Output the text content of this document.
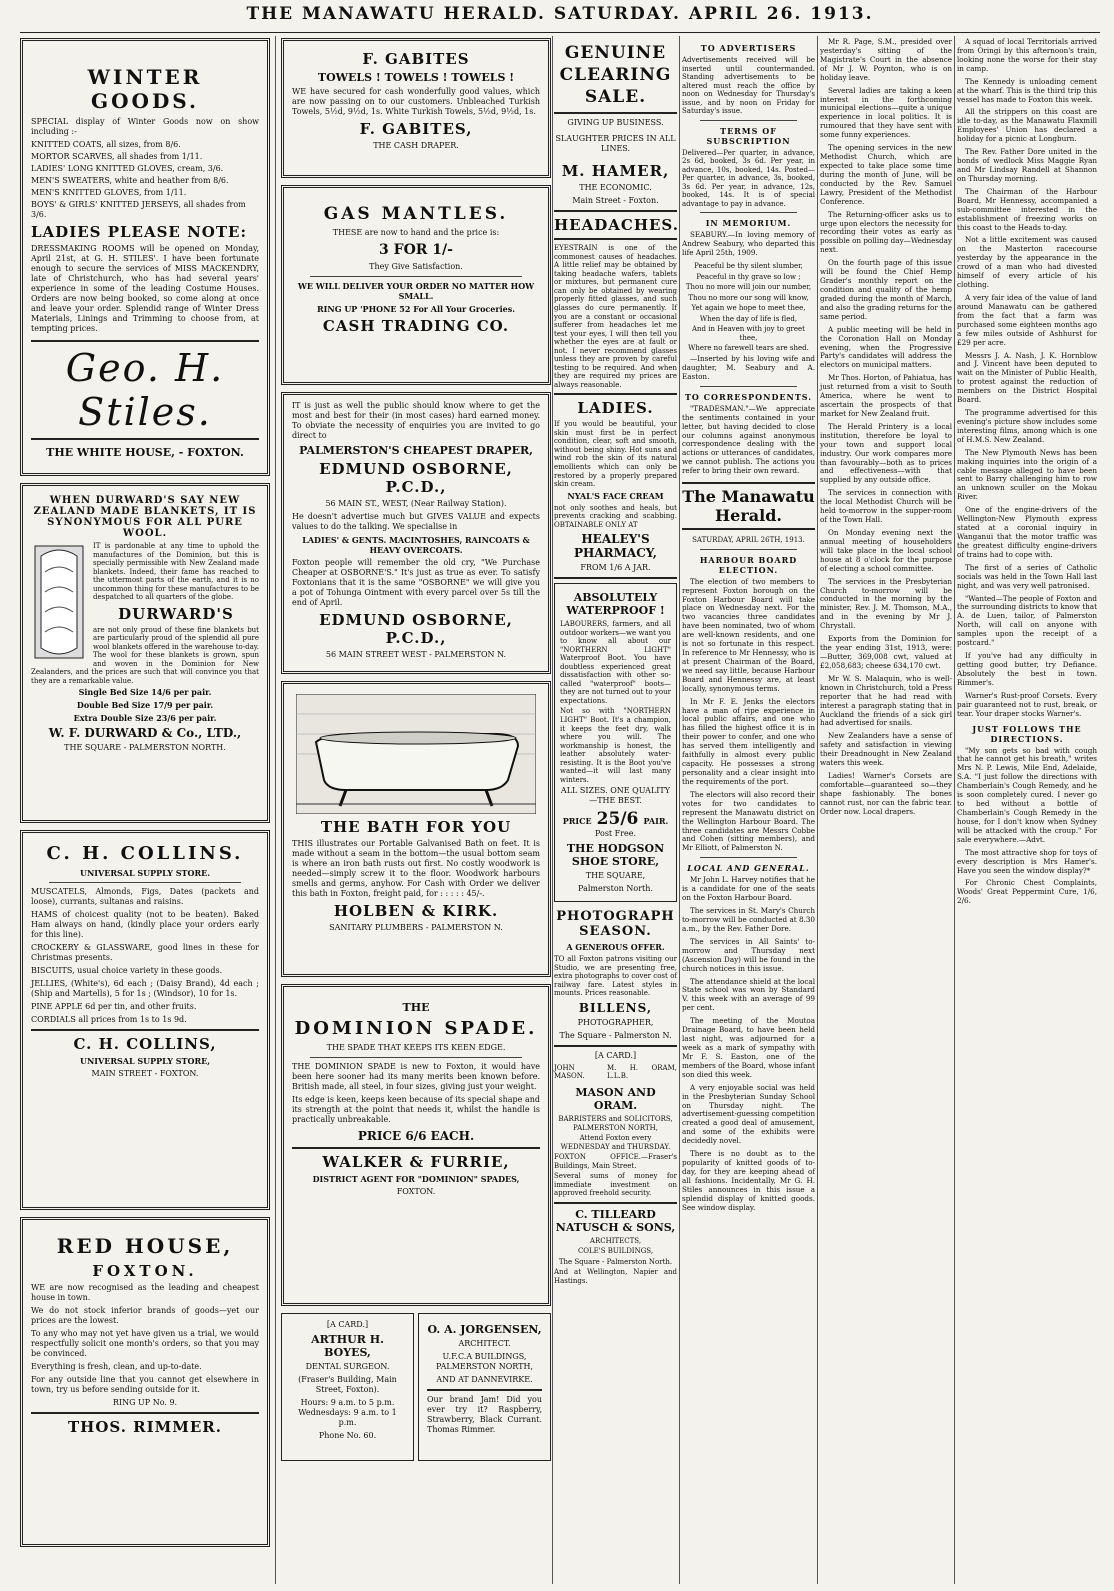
THE MANAWATU HERALD. SATURDAY. APRIL 26. 1913.
WINTER GOODS.

SPECIAL display of Winter Goods now on show including :-

KNITTED COATS, all sizes, from 8/6.
MORTOR SCARVES, all shades from 1/11.
LADIES' LONG KNITTED GLOVES, cream, 3/6.
MEN'S SWEATERS, white and heather from 8/6.
MEN'S KNITTED GLOVES, from 1/11.
BOYS' & GIRLS' KNITTED JERSEYS, all shades from 3/6.
LADIES PLEASE NOTE:

DRESSMAKING ROOMS will be opened on Monday, April 21st, at G. H. STILES'. I have been fortunate enough to secure the services of MISS MACKENDRY, late of Christchurch, who has had several years' experience in some of the leading Costume Houses. Orders are now being booked, so come along at once and leave your order. Splendid range of Winter Dress Materials, Linings and Trimming to choose from, at tempting prices.

Geo. H. Stiles.
THE WHITE HOUSE, - FOXTON.
WHEN DURWARD'S SAY NEW ZEALAND MADE BLANKETS, IT IS SYNONYMOUS FOR ALL PURE WOOL.

IT is pardonable at any time to uphold the manufactures of the Dominion, but this is specially permissible with New Zealand made blankets. Indeed, their fame has reached to the uttermost parts of the earth, and it is no uncommon thing for these manufactures to be despatched to all quarters of the globe.

DURWARD'S

are not only proud of these fine blankets but are particularly proud of the splendid all pure wool blankets offered in the warehouse to-day. The wool for these blankets is grown, spun and woven in the Dominion for New Zealanders, and the prices are such that will convince you that they are a remarkable value.

Single Bed Size 14/6 per pair.

Double Bed Size 17/9 per pair.

Extra Double Size 23/6 per pair.

W. F. DURWARD & Co., LTD.,
THE SQUARE - PALMERSTON NORTH.
C. H. COLLINS.
UNIVERSAL SUPPLY STORE.

MUSCATELS, Almonds, Figs, Dates (packets and loose), currants, sultanas and raisins.

HAMS of choicest quality (not to be beaten). Baked Ham always on hand, (kindly place your orders early for this line).

CROCKERY & GLASSWARE, good lines in these for Christmas presents.

BISCUITS, usual choice variety in these goods.

JELLIES, (White's), 6d each ; (Daisy Brand), 4d each ; (Ship and Martells), 5 for 1s ; (Windsor), 10 for 1s.

PINE APPLE 6d per tin, and other fruits.

CORDIALS all prices from 1s to 1s 9d.

C. H. COLLINS,
UNIVERSAL SUPPLY STORE,
MAIN STREET - FOXTON.
RED HOUSE,
FOXTON.

WE are now recognised as the leading and cheapest house in town.

We do not stock inferior brands of goods—yet our prices are the lowest.

To any who may not yet have given us a trial, we would respectfully solicit one month's orders, so that you may be convinced.

Everything is fresh, clean, and up-to-date.

For any outside line that you cannot get elsewhere in town, try us before sending outside for it.

RING UP No. 9.
THOS. RIMMER.
F. GABITES
TOWELS ! TOWELS ! TOWELS !

WE have secured for cash wonderfully good values, which are now passing on to our customers. Unbleached Turkish Towels, 5½d, 9½d, 1s. White Turkish Towels, 5½d, 9½d, 1s.

F. GABITES,
THE CASH DRAPER.
GAS MANTLES.

THESE are now to hand and the price is:

3 FOR 1/-
They Give Satisfaction.
WE WILL DELIVER YOUR ORDER NO MATTER HOW SMALL.
RING UP 'PHONE 52 For All Your Groceries.
CASH TRADING CO.

IT is just as well the public should know where to get the most and best for their (in most cases) hard earned money. To obviate the necessity of enquiries you are invited to go direct to

PALMERSTON'S CHEAPEST DRAPER,
EDMUND OSBORNE, P.C.D.,
56 MAIN ST., WEST, (Near Railway Station).

He doesn't advertise much but GIVES VALUE and expects values to do the talking. We specialise in

LADIES' & GENTS. MACINTOSHES, RAINCOATS & HEAVY OVERCOATS.

Foxton people will remember the old cry, "We Purchase Cheaper at OSBORNE'S." It's just as true as ever. To satisfy Foxtonians that it is the same "OSBORNE" we will give you a pot of Tohunga Ointment with every parcel over 5s till the end of April.

EDMUND OSBORNE, P.C.D.,
56 MAIN STREET WEST - PALMERSTON N.
THE BATH FOR YOU

THIS illustrates our Portable Galvanised Bath on feet. It is made without a seam in the bottom—the usual bottom seam is where an iron bath rusts out first. No costly woodwork is needed—simply screw it to the floor. Woodwork harbours smells and germs, anyhow. For Cash with Order we deliver this bath in Foxton, freight paid, for : : : : : 45/-.

HOLBEN & KIRK.
SANITARY PLUMBERS - PALMERSTON N.
THE
DOMINION SPADE.
THE SPADE THAT KEEPS ITS KEEN EDGE.

THE DOMINION SPADE is new to Foxton, it would have been here sooner had its many merits been known before. British made, all steel, in four sizes, giving just your weight.

Its edge is keen, keeps keen because of its special shape and its strength at the point that needs it, whilst the handle is practically unbreakable.

PRICE 6/6 EACH.
WALKER & FURRIE,
DISTRICT AGENT FOR "DOMINION" SPADES,
FOXTON.
[A CARD.]
ARTHUR H. BOYES,
DENTAL SURGEON.
(Fraser's Building, Main Street, Foxton).
Hours: 9 a.m. to 5 p.m. Wednesdays: 9 a.m. to 1 p.m.
Phone No. 60.
O. A. JORGENSEN,
ARCHITECT.
U.F.C.A BUILDINGS, PALMERSTON NORTH,
AND AT DANNEVIRKE.

Our brand Jam! Did you ever try it? Raspberry, Strawberry, Black Currant. Thomas Rimmer.

GENUINE CLEARING SALE.
GIVING UP BUSINESS.
SLAUGHTER PRICES IN ALL LINES.
M. HAMER,
THE ECONOMIC.
Main Street - Foxton.
HEADACHES.

EYESTRAIN is one of the commonest causes of headaches. A little relief may be obtained by taking headache wafers, tablets or mixtures, but permanent cure can only be obtained by wearing properly fitted glasses, and such glasses do cure permanently. If you are a constant or occasional sufferer from headaches let me test your eyes, I will then tell you whether the eyes are at fault or not. I never recommend glasses unless they are proven by careful testing to be required. And when they are required my prices are always reasonable.

LADIES.

If you would be beautiful, your skin must first be in perfect condition, clear, soft and smooth, without being shiny. Hot suns and wind rob the skin of its natural emollients which can only be restored by a properly prepared skin cream.

NYAL'S FACE CREAM

not only soothes and heals, but prevents cracking and scabbing. OBTAINABLE ONLY AT

HEALEY'S PHARMACY,
FROM 1/6 A JAR.
ABSOLUTELY WATERPROOF !

LABOURERS, farmers, and all outdoor workers—we want you to know all about our "NORTHERN LIGHT" Waterproof Boot. You have doubtless experienced great dissatisfaction with other so-called "waterproof" boots—they are not turned out to your expectations.

Not so with "NORTHERN LIGHT" Boot. It's a champion, it keeps the feet dry, walk where you will. The workmanship is honest, the leather absolutely water-resisting. It is the Boot you've wanted—it will last many winters.

ALL SIZES. ONE QUALITY—THE BEST.
PRICE 25/6 PAIR.
Post Free.
THE HODGSON SHOE STORE,
THE SQUARE,
Palmerston North.
PHOTOGRAPH SEASON.
A GENEROUS OFFER.

TO all Foxton patrons visiting our Studio, we are presenting free, extra photographs to cover cost of railway fare. Latest styles in mounts. Prices reasonable.

BILLENS,
PHOTOGRAPHER,
The Square - Palmerston N.
[A CARD.]
JOHN MASON.
M. H. ORAM, L.L.B.
MASON AND ORAM.
BARRISTERS and SOLICITORS, PALMERSTON NORTH,
Attend Foxton every WEDNESDAY and THURSDAY.

FOXTON OFFICE.—Fraser's Buildings, Main Street.

Several sums of money for immediate investment on approved freehold security.

C. TILLEARD NATUSCH & SONS,
ARCHITECTS,
COLE'S BUILDINGS,
The Square - Palmerston North.

And at Wellington, Napier and Hastings.

TO ADVERTISERS

Advertisements received will be inserted until countermanded. Standing advertisements to be altered must reach the office by noon on Wednesday for Thursday's issue, and by noon on Friday for Saturday's issue.

TERMS OF SUBSCRIPTION

Delivered—Per quarter, in advance, 2s 6d, booked, 3s 6d. Per year, in advance, 10s, booked, 14s. Posted—Per quarter, in advance, 3s, booked, 3s 6d. Per year, in advance, 12s, booked, 14s. It is of special advantage to pay in advance.

IN MEMORIUM.

SEABURY.—In loving memory of Andrew Seabury, who departed this life April 25th, 1909.

Peaceful be thy silent slumber,
Peaceful in thy grave so low ;
Thou no more will join our number,
Thou no more our song will know,
Yet again we hope to meet thee,
When the day of life is fled,
And in Heaven with joy to greet thee,
Where no farewell tears are shed.

—Inserted by his loving wife and daughter, M. Seabury and A. Easton.

TO CORRESPONDENTS.

"TRADESMAN."—We appreciate the sentiments contained in your letter, but having decided to close our columns against anonymous correspondence dealing with the actions or utterances of candidates, we cannot publish. The actions you refer to bring their own reward.

The Manawatu Herald.
SATURDAY, APRIL 26TH, 1913.
HARBOUR BOARD ELECTION.

The election of two members to represent Foxton borough on the Foxton Harbour Board will take place on Wednesday next. For the two vacancies three candidates have been nominated, two of whom are well-known residents, and one is not so fortunate in this respect. In reference to Mr Hennessy, who is at present Chairman of the Board, we need say little, because Harbour Board and Hennessy are, at least locally, synonymous terms.

In Mr F. E. Jenks the electors have a man of ripe experience in local public affairs, and one who has filled the highest office it is in their power to confer, and one who has served them intelligently and faithfully in almost every public capacity. He possesses a strong personality and a clear insight into the requirements of the port.

The electors will also record their votes for two candidates to represent the Manawatu district on the Wellington Harbour Board. The three candidates are Messrs Cobbe and Cohen (sitting members), and Mr Elliott, of Palmerston N.

LOCAL AND GENERAL.

Mr John L. Harvey notifies that he is a candidate for one of the seats on the Foxton Harbour Board.

The services in St. Mary's Church to-morrow will be conducted at 8.30 a.m., by the Rev. Father Dore.

The services in All Saints' to-morrow and Thursday next (Ascension Day) will be found in the church notices in this issue.

The attendance shield at the local State school was won by Standard V. this week with an average of 99 per cent.

The meeting of the Moutoa Drainage Board, to have been held last night, was adjourned for a week as a mark of sympathy with Mr F. S. Easton, one of the members of the Board, whose infant son died this week.

A very enjoyable social was held in the Presbyterian Sunday School on Thursday night. The advertisement-guessing competition created a good deal of amusement, and some of the exhibits were decidedly novel.

There is no doubt as to the popularity of knitted goods of to-day, for they are keeping ahead of all fashions. Incidentally, Mr G. H. Stiles announces in this issue a splendid display of knitted goods. See window display.

Mr R. Page, S.M., presided over yesterday's sitting of the Magistrate's Court in the absence of Mr J. W. Poynton, who is on holiday leave.

Several ladies are taking a keen interest in the forthcoming municipal elections—quite a unique experience in local politics. It is rumoured that they have sent with some funny experiences.

The opening services in the new Methodist Church, which are expected to take place some time during the month of June, will be conducted by the Rev. Samuel Lawry, President of the Methodist Conference.

The Returning-officer asks us to urge upon electors the necessity for recording their votes as early as possible on polling day—Wednesday next.

On the fourth page of this issue will be found the Chief Hemp Grader's monthly report on the condition and quality of the hemp graded during the month of March, and also the grading returns for the same period.

A public meeting will be held in the Coronation Hall on Monday evening, when the Progressive Party's candidates will address the electors on municipal matters.

Mr Thos. Horton, of Pahiatua, has just returned from a visit to South America, where he went to ascertain the prospects of that market for New Zealand fruit.

The Herald Printery is a local institution, therefore be loyal to your town and support local industry. Our work compares more than favourably—both as to prices and effectiveness—with that supplied by any outside office.

The services in connection with the local Methodist Church will be held to-morrow in the supper-room of the Town Hall.

On Monday evening next the annual meeting of householders will take place in the local school house at 8 o'clock for the purpose of electing a school committee.

The services in the Presbyterian Church to-morrow will be conducted in the morning by the minister, Rev. J. M. Thomson, M.A., and in the evening by Mr J. Chrystall.

Exports from the Dominion for the year ending 31st, 1913, were: —Butter, 369,008 cwt, valued at £2,058,683; cheese 634,170 cwt.

Mr W. S. Malaquin, who is well-known in Christchurch, told a Press reporter that he had read with interest a paragraph stating that in Auckland the friends of a sick girl had advertised for snails.

New Zealanders have a sense of safety and satisfaction in viewing their Dreadnought in New Zealand waters this week.

Ladies! Warner's Corsets are comfortable—guaranteed so—they shape fashionably. The bones cannot rust, nor can the fabric tear. Order now. Local drapers.

A squad of local Territorials arrived from Oringi by this afternoon's train, looking none the worse for their stay in camp.

The Kennedy is unloading cement at the wharf. This is the third trip this vessel has made to Foxton this week.

All the strippers on this coast are idle to-day, as the Manawatu Flaxmill Employees' Union has declared a holiday for a picnic at Longburn.

The Rev. Father Dore united in the bonds of wedlock Miss Maggie Ryan and Mr Lindsay Randell at Shannon on Thursday morning.

The Chairman of the Harbour Board, Mr Hennessy, accompanied a sub-committee interested in the establishment of freezing works on this coast to the Heads to-day.

Not a little excitement was caused on the Masterton racecourse yesterday by the appearance in the crowd of a man who had divested himself of every article of his clothing.

A very fair idea of the value of land around Manawatu can be gathered from the fact that a farm was purchased some eighteen months ago a few miles outside of Ashhurst for £29 per acre.

Messrs J. A. Nash, J. K. Hornblow and J. Vincent have been deputed to wait on the Minister of Public Health, to protest against the reduction of members on the District Hospital Board.

The programme advertised for this evening's picture show includes some interesting films, among which is one of H.M.S. New Zealand.

The New Plymouth News has been making inquiries into the origin of a cable message alleged to have been sent to Barry challenging him to row an unknown sculler on the Mokau River.

One of the engine-drivers of the Wellington-New Plymouth express stated at a coronial inquiry in Wanganui that the motor traffic was the greatest difficulty engine-drivers of trains had to cope with.

The first of a series of Catholic socials was held in the Town Hall last night, and was very well patronised.

"Wanted—The people of Foxton and the surrounding districts to know that A. de Luen, tailor, of Palmerston North, will call on anyone with samples upon the receipt of a postcard."

If you've had any difficulty in getting good butter, try Defiance. Absolutely the best in town. Rimmer's.

Warner's Rust-proof Corsets. Every pair guaranteed not to rust, break, or tear. Your draper stocks Warner's.

JUST FOLLOWS THE DIRECTIONS.

"My son gets so bad with cough that he cannot get his breath," writes Mrs N. P. Lewis, Mile End, Adelaide, S.A. "I just follow the directions with Chamberlain's Cough Remedy, and he is soon completely cured. I never go to bed without a bottle of Chamberlain's Cough Remedy in the house, for I don't know when Sydney will be attacked with the croup." For sale everywhere.—Advt.

The most attractive shop for toys of every description is Mrs Hamer's. Have you seen the window display?*

For Chronic Chest Complaints, Woods' Great Peppermint Cure, 1/6, 2/6.
